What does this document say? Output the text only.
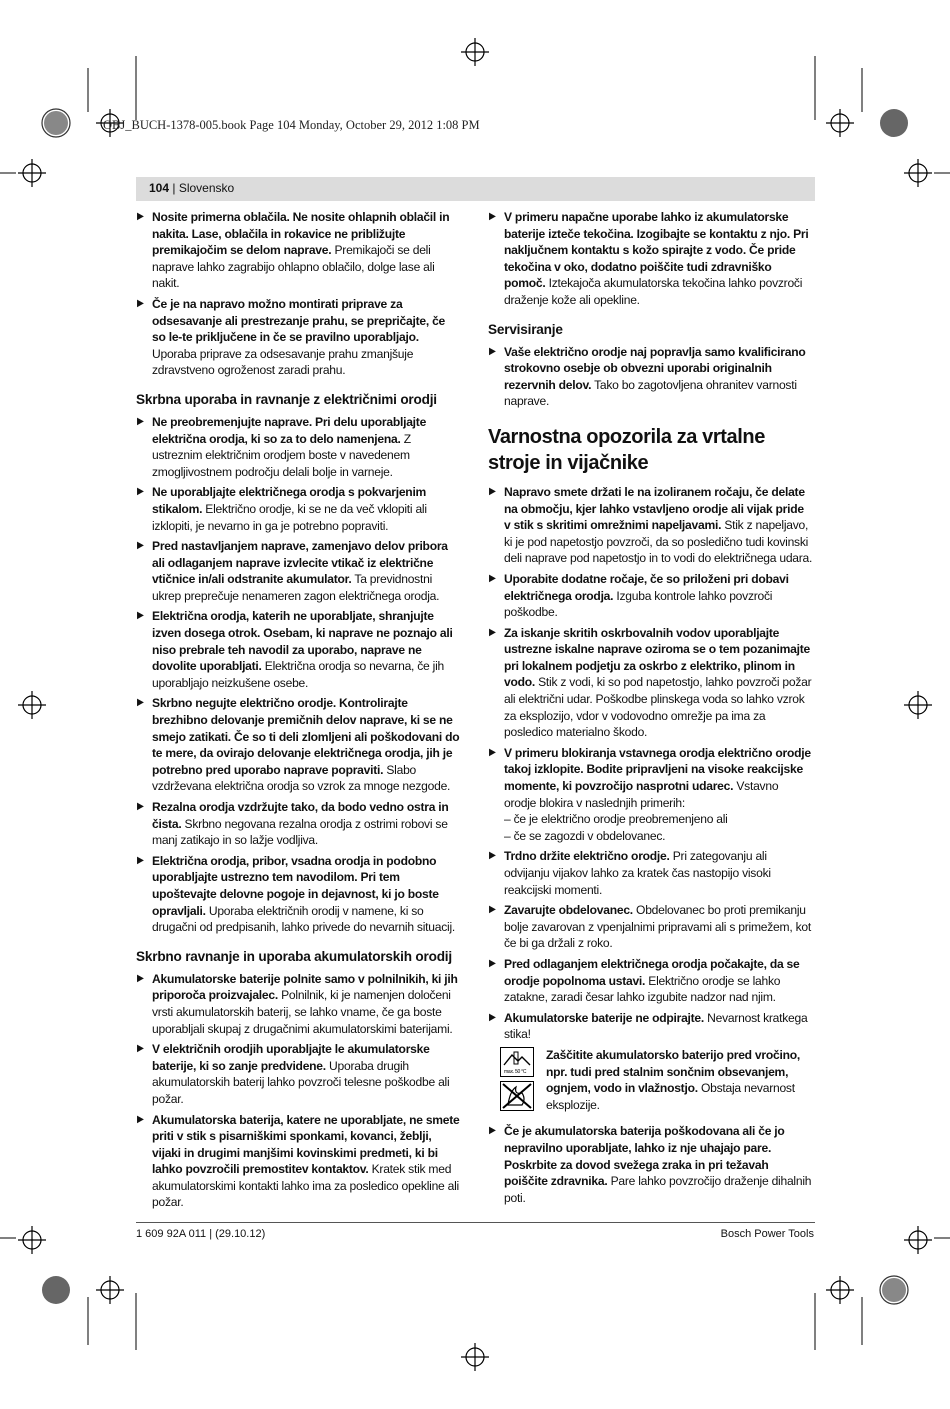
OBJ_BUCH-1378-005.book Page 104 Monday, October 29, 2012 1:08 PM
104 | Slovensko
▶ Nosite primerna oblačila. Ne nosite ohlapnih oblačil in nakita. Lase, oblačila in rokavice ne približujte premikajočim se delom naprave. Premikajoči se deli naprave lahko zagrabijo ohlapno oblačilo, dolge lase ali nakit.
▶ Če je na napravo možno montirati priprave za odsesavanje ali prestrezanje prahu, se prepričajte, če so le-te priključene in če se pravilno uporabljajo. Uporaba priprave za odsesavanje prahu zmanjšuje zdravstveno ogroženost zaradi prahu.
Skrbna uporaba in ravnanje z električnimi orodji
▶ Ne preobremenjujte naprave. Pri delu uporabljajte električna orodja, ki so za to delo namenjena. Z ustreznim električnim orodjem boste v navedenem zmogljivostnem področju delali bolje in varneje.
▶ Ne uporabljajte električnega orodja s pokvarjenim stikalom. Električno orodje, ki se ne da več vklopiti ali izklopiti, je nevarno in ga je potrebno popraviti.
▶ Pred nastavljanjem naprave, zamenjavo delov pribora ali odlaganjem naprave izvlecite vtikač iz električne vtičnice in/ali odstranite akumulator. Ta previdnostni ukrep preprečuje nenameren zagon električnega orodja.
▶ Električna orodja, katerih ne uporabljate, shranjujte izven dosega otrok. Osebam, ki naprave ne poznajo ali niso prebrale teh navodil za uporabo, naprave ne dovolite uporabljati. Električna orodja so nevarna, če jih uporabljajo neizkušene osebe.
▶ Skrbno negujte električno orodje. Kontrolirajte brezhibno delovanje premičnih delov naprave, ki se ne smejo zatikati. Če so ti deli zlomljeni ali poškodovani do te mere, da ovirajo delovanje električnega orodja, jih je potrebno pred uporabo naprave popraviti. Slabo vzdrževana električna orodja so vzrok za mnoge nezgode.
▶ Rezalna orodja vzdržujte tako, da bodo vedno ostra in čista. Skrbno negovana rezalna orodja z ostrimi robovi se manj zatikajo in so lažje vodljiva.
▶ Električna orodja, pribor, vsadna orodja in podobno uporabljajte ustrezno tem navodilom. Pri tem upoštevajte delovne pogoje in dejavnost, ki jo boste opravljali. Uporaba električnih orodij v namene, ki so drugačni od predpisanih, lahko privede do nevarnih situacij.
Skrbno ravnanje in uporaba akumulatorskih orodij
▶ Akumulatorske baterije polnite samo v polnilnikih, ki jih priporoča proizvajalec. Polnilnik, ki je namenjen določeni vrsti akumulatorskih baterij, se lahko vname, če ga boste uporabljali skupaj z drugačnimi akumulatorskimi baterijami.
▶ V električnih orodjih uporabljajte le akumulatorske baterije, ki so zanje predvidene. Uporaba drugih akumulatorskih baterij lahko povzroči telesne poškodbe ali požar.
▶ Akumulatorska baterija, katere ne uporabljate, ne smete priti v stik s pisarniškimi sponkami, kovanci, žeblji, vijaki in drugimi manjšimi kovinskimi predmeti, ki bi lahko povzročili premostitev kontaktov. Kratek stik med akumulatorskimi kontakti lahko ima za posledico opekline ali požar.
▶ V primeru napačne uporabe lahko iz akumulatorske baterije izteče tekočina. Izogibajte se kontaktu z njo. Pri naključnem kontaktu s kožo spirajte z vodo. Če pride tekočina v oko, dodatno poiščite tudi zdravniško pomoč. Iztekajoča akumulatorska tekočina lahko povzroči draženje kože ali opekline.
Servisiranje
▶ Vaše električno orodje naj popravlja samo kvalificirano strokovno osebje ob obvezni uporabi originalnih rezervnih delov. Tako bo zagotovljena ohranitev varnosti naprave.
Varnostna opozorila za vrtalne stroje in vijačnike
▶ Napravo smete držati le na izoliranem ročaju, če delate na območju, kjer lahko vstavljeno orodje ali vijak pride v stik s skritimi omrežnimi napeljavami. Stik z napeljavo, ki je pod napetostjo povzroči, da so posledično tudi kovinski deli naprave pod napetostjo in to vodi do električnega udara.
▶ Uporabite dodatne ročaje, če so priloženi pri dobavi električnega orodja. Izguba kontrole lahko povzroči poškodbe.
▶ Za iskanje skritih oskrbovalnih vodov uporabljajte ustrezne iskalne naprave oziroma se o tem pozanimajte pri lokalnem podjetju za oskrbo z elektriko, plinom in vodo. Stik z vodi, ki so pod napetostjo, lahko povzroči požar ali električni udar. Poškodbe plinskega voda so lahko vzrok za eksplozijo, vdor v vodovodno omrežje pa ima za posledico materialno škodo.
▶ V primeru blokiranja vstavnega orodja električno orodje takoj izklopite. Bodite pripravljeni na visoke reakcijske momente, ki povzročijo nasprotni udarec. Vstavno orodje blokira v naslednjih primerih:
– če je električno orodje preobremenjeno ali
– če se zagozdi v obdelovanec.
▶ Trdno držite električno orodje. Pri zategovanju ali odvijanju vijakov lahko za kratek čas nastopijo visoki reakcijski momenti.
▶ Zavarujte obdelovanec. Obdelovanec bo proti premikanju bolje zavarovan z vpenjalnimi pripravami ali s primežem, kot če bi ga držali z roko.
▶ Pred odlaganjem električnega orodja počakajte, da se orodje popolnoma ustavi. Električno orodje se lahko zatakne, zaradi česar lahko izgubite nadzor nad njim.
▶ Akumulatorske baterije ne odpirajte. Nevarnost kratkega stika!
max. 50 °C
Zaščitite akumulatorsko baterijo pred vročino, npr. tudi pred stalnim sončnim obsevanjem, ognjem, vodo in vlažnostjo. Obstaja nevarnost eksplozije.
▶ Če je akumulatorska baterija poškodovana ali če jo nepravilno uporabljate, lahko iz nje uhajajo pare. Poskrbite za dovod svežega zraka in pri težavah poiščite zdravnika. Pare lahko povzročijo draženje dihalnih poti.
1 609 92A 011 | (29.10.12)	Bosch Power Tools
